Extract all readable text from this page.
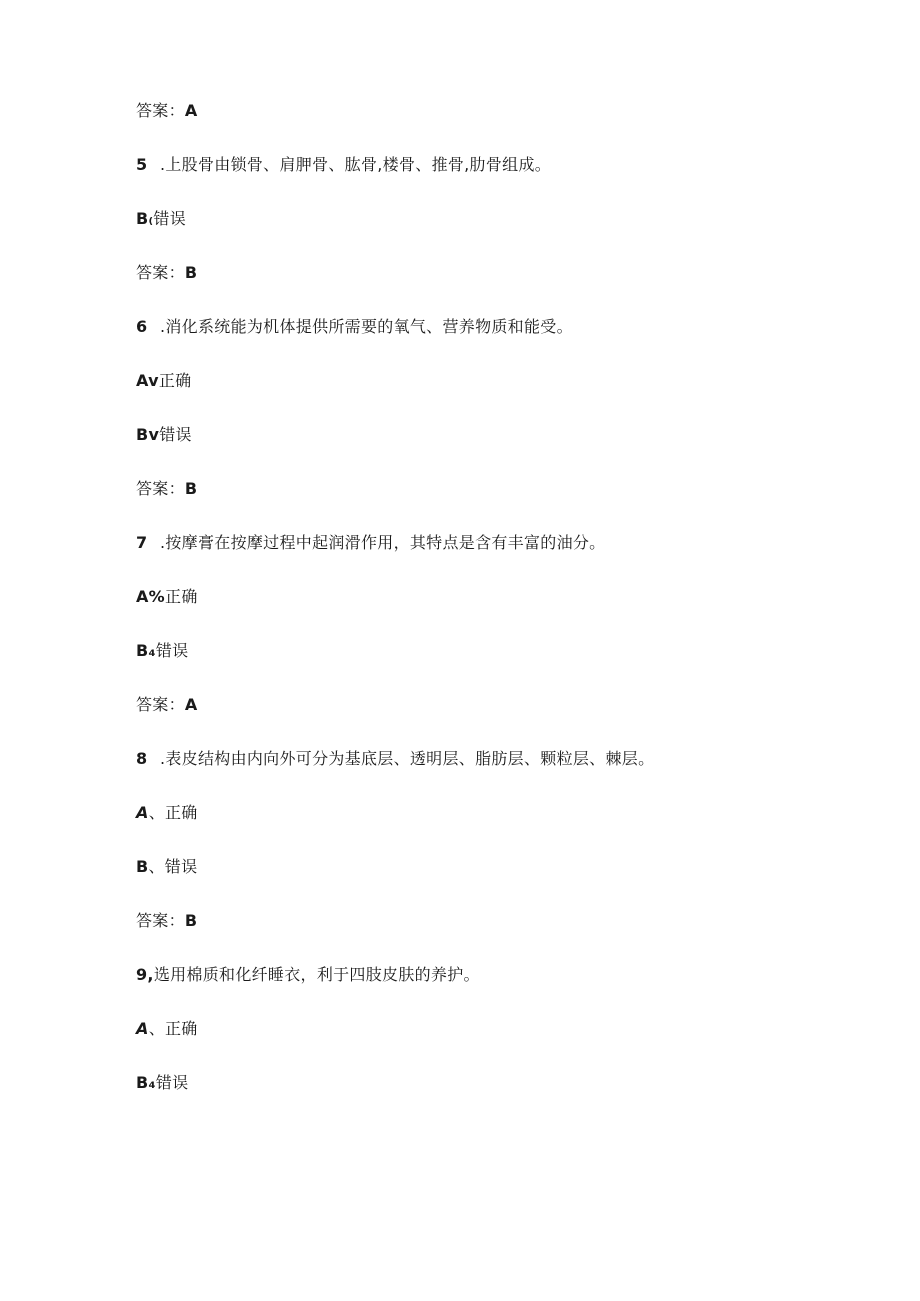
答案：A
5 .上股骨由锁骨、肩胛骨、肱骨,楼骨、推骨,肋骨组成。
B₍错误
答案：B
6 .消化系统能为机体提供所需要的氧气、营养物质和能受。
Av正确
Bv错误
答案：B
7 .按摩膏在按摩过程中起润滑作用，其特点是含有丰富的油分。
A%正确
B₄错误
答案：A
8 .表皮结构由内向外可分为基底层、透明层、脂肪层、颗粒层、棘层。
A、正确
B、错误
答案：B
9,选用棉质和化纤睡衣，利于四肢皮肤的养护。
A、正确
B₄错误
